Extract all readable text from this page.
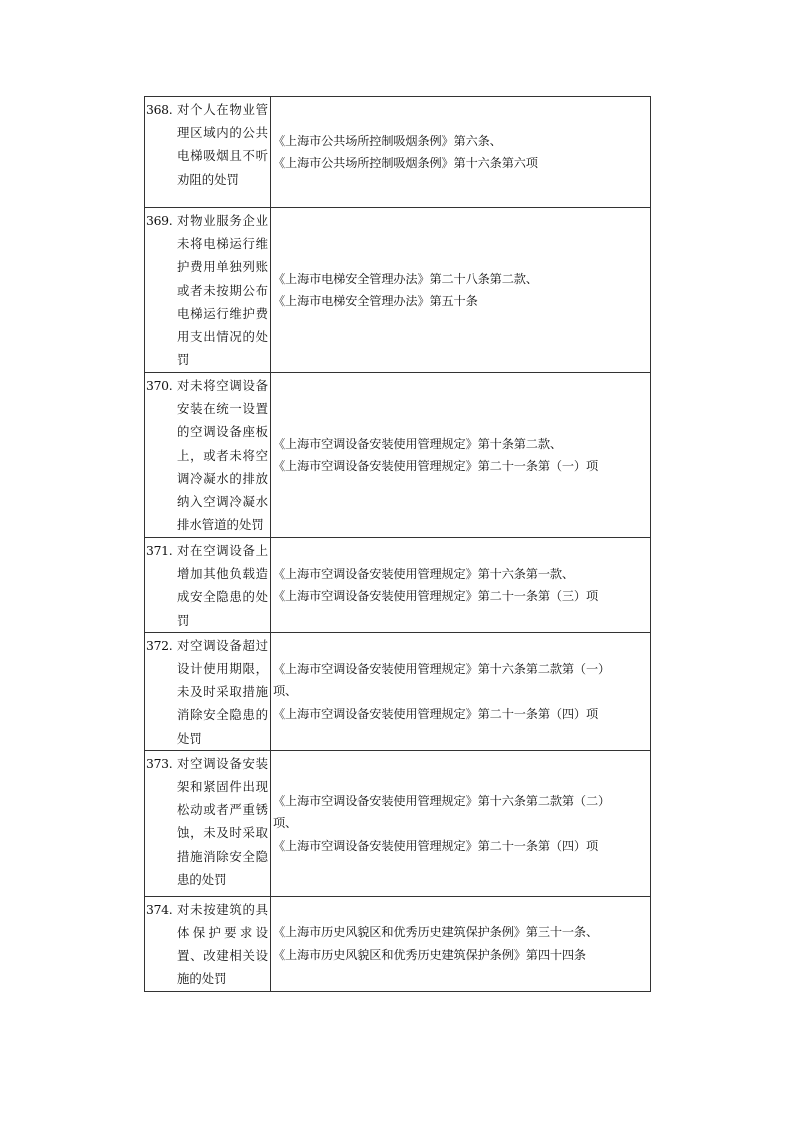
368. 对个人在物业管理区域内的公共电梯吸烟且不听劝阻的处罚	《上海市公共场所控制吸烟条例》第六条、
《上海市公共场所控制吸烟条例》第十六条第六项

369. 对物业服务企业未将电梯运行维护费用单独列账或者未按期公布电梯运行维护费用支出情况的处罚	《上海市电梯安全管理办法》第二十八条第二款、
《上海市电梯安全管理办法》第五十条

370. 对未将空调设备安装在统一设置的空调设备座板上，或者未将空调冷凝水的排放纳入空调冷凝水排水管道的处罚	《上海市空调设备安装使用管理规定》第十条第二款、
《上海市空调设备安装使用管理规定》第二十一条第（一）项

371. 对在空调设备上增加其他负载造成安全隐患的处罚	《上海市空调设备安装使用管理规定》第十六条第一款、
《上海市空调设备安装使用管理规定》第二十一条第（三）项

372. 对空调设备超过设计使用期限，未及时采取措施消除安全隐患的处罚	《上海市空调设备安装使用管理规定》第十六条第二款第（一）
项、
《上海市空调设备安装使用管理规定》第二十一条第（四）项

373. 对空调设备安装架和紧固件出现松动或者严重锈蚀，未及时采取措施消除安全隐患的处罚	《上海市空调设备安装使用管理规定》第十六条第二款第（二）
项、
《上海市空调设备安装使用管理规定》第二十一条第（四）项

374. 对未按建筑的具体保护要求设置、改建相关设施的处罚	《上海市历史风貌区和优秀历史建筑保护条例》第三十一条、
《上海市历史风貌区和优秀历史建筑保护条例》第四十四条
